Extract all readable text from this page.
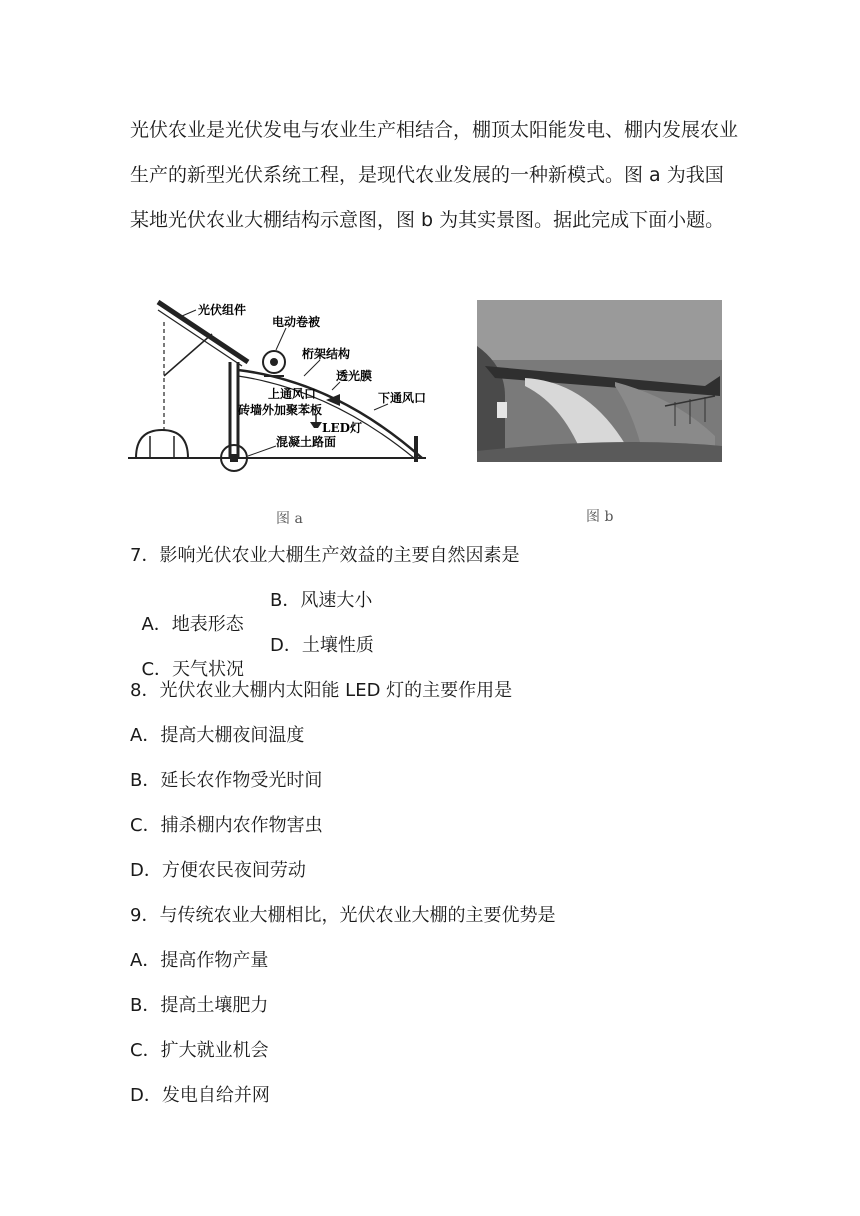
光伏农业是光伏发电与农业生产相结合，棚顶太阳能发电、棚内发展农业生产的新型光伏系统工程，是现代农业发展的一种新模式。图 a 为我国某地光伏农业大棚结构示意图，图 b 为其实景图。据此完成下面小题。

光伏组件
电动卷被
桁架结构
透光膜
上通风口	下通风口
砖墙外加聚苯板
LED灯
混凝土路面
图 a	图 b
7．影响光伏农业大棚生产效益的主要自然因素是

A．地表形态

B．风速大小

C．天气状况

D．土壤性质

8．光伏农业大棚内太阳能 LED 灯的主要作用是
A．提高大棚夜间温度
B．延长农作物受光时间
C．捕杀棚内农作物害虫
D．方便农民夜间劳动
9．与传统农业大棚相比，光伏农业大棚的主要优势是
A．提高作物产量
B．提高土壤肥力
C．扩大就业机会
D．发电自给并网
